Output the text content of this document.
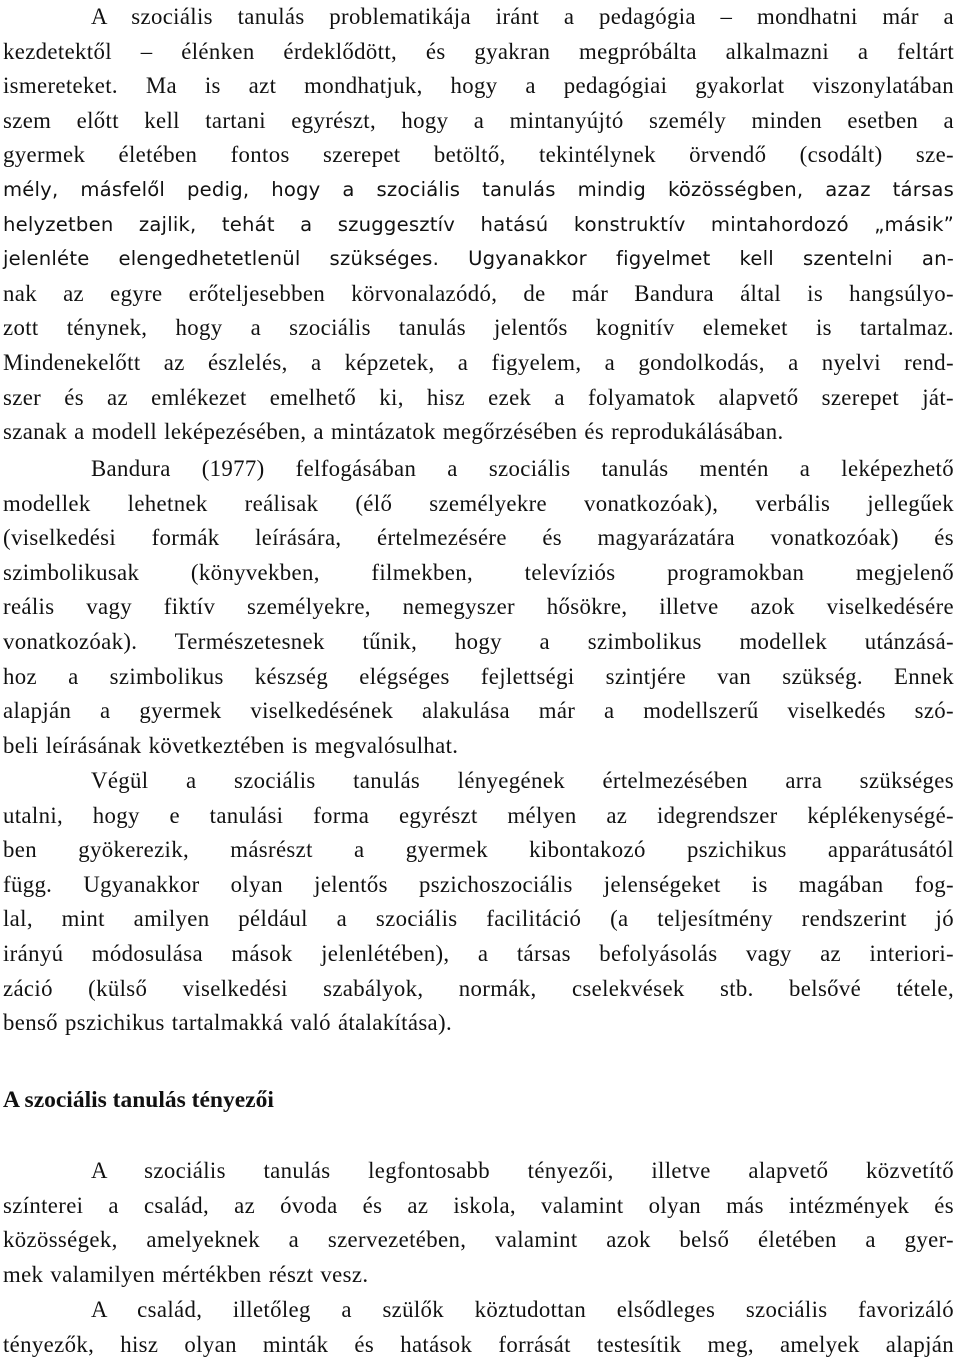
A szociális tanulás problematikája iránt a pedagógia – mondhatni már a
kezdetektől – élénken érdeklődött, és gyakran megpróbálta alkalmazni a feltárt
ismereteket. Ma is azt mondhatjuk, hogy a pedagógiai gyakorlat viszonylatában
szem előtt kell tartani egyrészt, hogy a mintanyújtó személy minden esetben a
gyermek életében fontos szerepet betöltő, tekintélynek örvendő (csodált) sze-
mély, másfelől pedig, hogy a szociális tanulás mindig közösségben, azaz társas
helyzetben zajlik, tehát a szuggesztív hatású konstruktív mintahordozó „másik”
jelenléte elengedhetetlenül szükséges. Ugyanakkor figyelmet kell szentelni an-
nak az egyre erőteljesebben körvonalazódó, de már Bandura által is hangsúlyo-
zott ténynek, hogy a szociális tanulás jelentős kognitív elemeket is tartalmaz.
Mindenekelőtt az észlelés, a képzetek, a figyelem, a gondolkodás, a nyelvi rend-
szer és az emlékezet emelhető ki, hisz ezek a folyamatok alapvető szerepet ját-
szanak a modell leképezésében, a mintázatok megőrzésében és reprodukálásában.
Bandura (1977) felfogásában a szociális tanulás mentén a leképezhető
modellek lehetnek reálisak (élő személyekre vonatkozóak), verbális jellegűek
(viselkedési formák leírására, értelmezésére és magyarázatára vonatkozóak) és
szimbolikusak (könyvekben, filmekben, televíziós programokban megjelenő
reális vagy fiktív személyekre, nemegyszer hősökre, illetve azok viselkedésére
vonatkozóak). Természetesnek tűnik, hogy a szimbolikus modellek utánzásá-
hoz a szimbolikus készség elégséges fejlettségi szintjére van szükség. Ennek
alapján a gyermek viselkedésének alakulása már a modellszerű viselkedés szó-
beli leírásának következtében is megvalósulhat.
Végül a szociális tanulás lényegének értelmezésében arra szükséges
utalni, hogy e tanulási forma egyrészt mélyen az idegrendszer képlékenységé-
ben gyökerezik, másrészt a gyermek kibontakozó pszichikus apparátusától
függ. Ugyanakkor olyan jelentős pszichoszociális jelenségeket is magában fog-
lal, mint amilyen például a szociális facilitáció (a teljesítmény rendszerint jó
irányú módosulása mások jelenlétében), a társas befolyásolás vagy az interiori-
záció (külső viselkedési szabályok, normák, cselekvések stb. belsővé tétele,
benső pszichikus tartalmakká való átalakítása).
A szociális tanulás tényezői
A szociális tanulás legfontosabb tényezői, illetve alapvető közvetítő
színterei a család, az óvoda és az iskola, valamint olyan más intézmények és
közösségek, amelyeknek a szervezetében, valamint azok belső életében a gyer-
mek valamilyen mértékben részt vesz.
A család, illetőleg a szülők köztudottan elsődleges szociális favorizáló
tényezők, hisz olyan minták és hatások forrását testesítik meg, amelyek alapján
